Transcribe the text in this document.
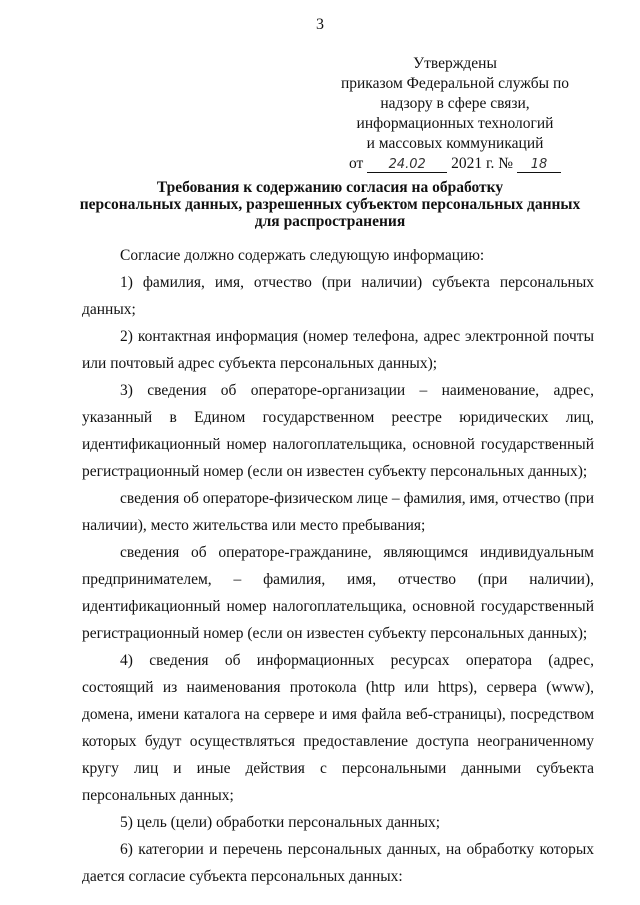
3
Утверждены
приказом Федеральной службы по
надзору в сфере связи,
информационных технологий
и массовых коммуникаций
от 24.02 2021 г. № 18
Требования к содержанию согласия на обработку
персональных данных, разрешенных субъектом персональных данных
для распространения

Согласие должно содержать следующую информацию:

1) фамилия, имя, отчество (при наличии) субъекта персональных данных;

2) контактная информация (номер телефона, адрес электронной почты или почтовый адрес субъекта персональных данных);

3) сведения об операторе-организации – наименование, адрес, указанный в Едином государственном реестре юридических лиц, идентификационный номер налогоплательщика, основной государственный регистрационный номер (если он известен субъекту персональных данных);

сведения об операторе-физическом лице – фамилия, имя, отчество (при наличии), место жительства или место пребывания;

сведения об операторе-гражданине, являющимся индивидуальным предпринимателем, – фамилия, имя, отчество (при наличии), идентификационный номер налогоплательщика, основной государственный регистрационный номер (если он известен субъекту персональных данных);

4) сведения об информационных ресурсах оператора (адрес, состоящий из наименования протокола (http или https), сервера (www), домена, имени каталога на сервере и имя файла веб-страницы), посредством которых будут осуществляться предоставление доступа неограниченному кругу лиц и иные действия с персональными данными субъекта персональных данных;

5) цель (цели) обработки персональных данных;

6) категории и перечень персональных данных, на обработку которых дается согласие субъекта персональных данных:
